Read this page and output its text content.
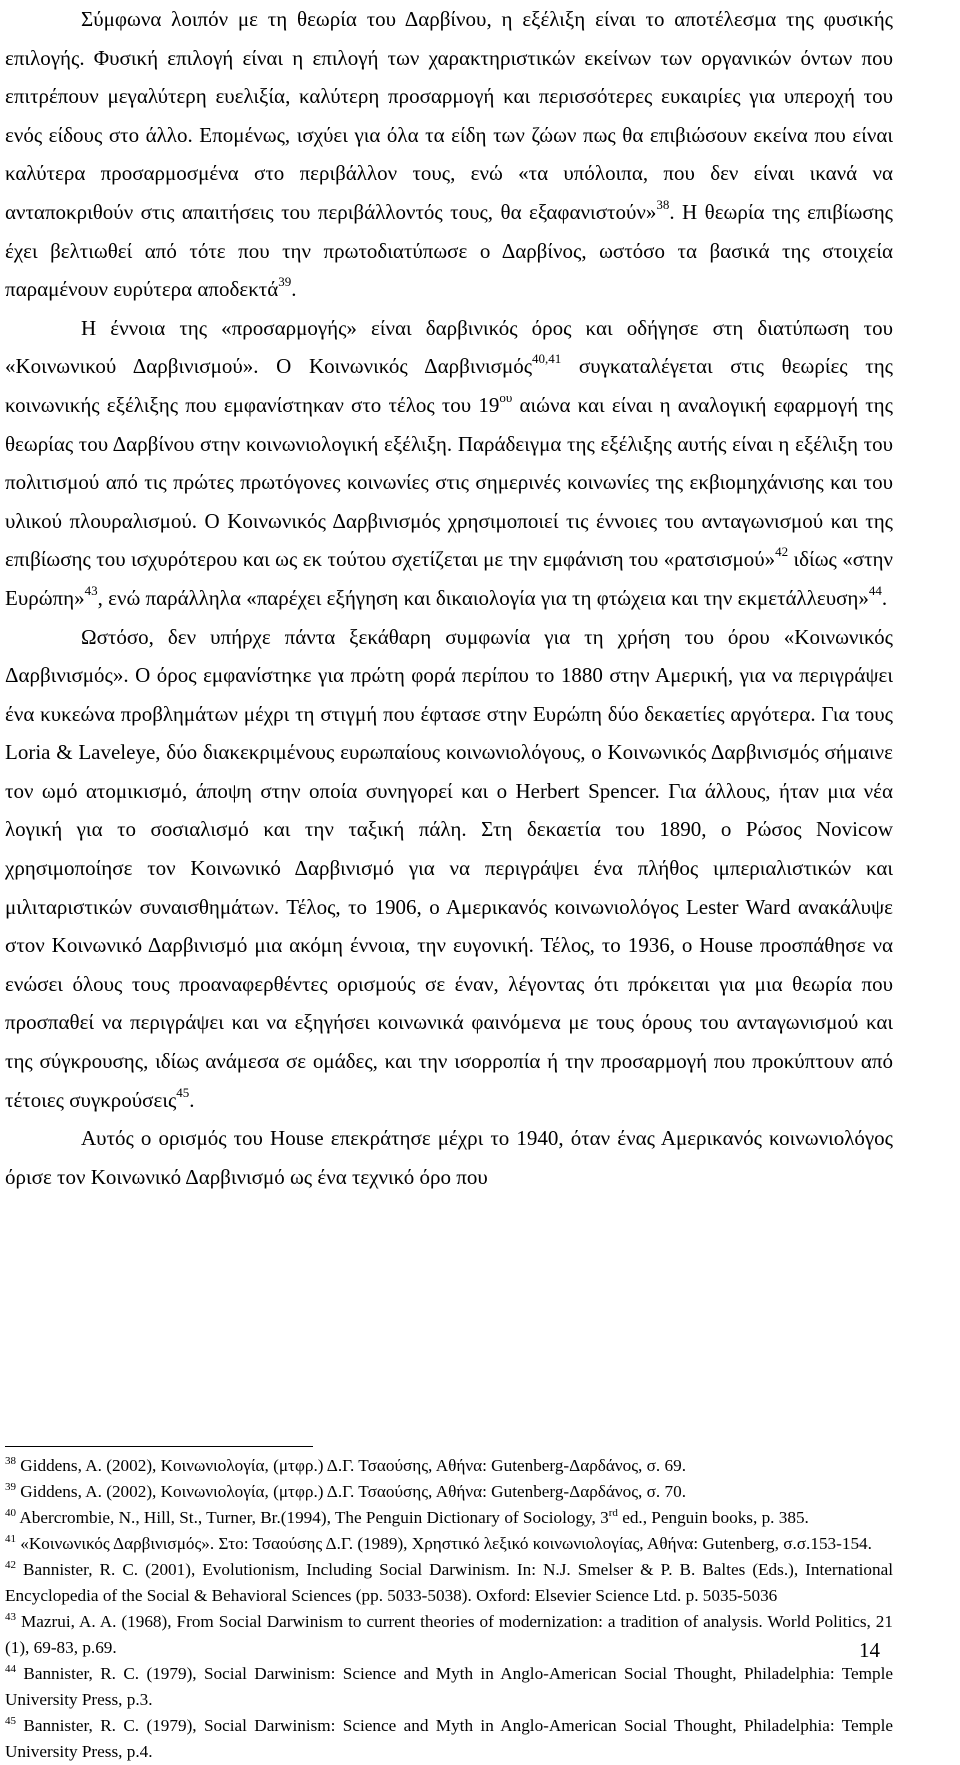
Σύμφωνα λοιπόν με τη θεωρία του Δαρβίνου, η εξέλιξη είναι το αποτέλεσμα της φυσικής επιλογής. Φυσική επιλογή είναι η επιλογή των χαρακτηριστικών εκείνων των οργανικών όντων που επιτρέπουν μεγαλύτερη ευελιξία, καλύτερη προσαρμογή και περισσότερες ευκαιρίες για υπεροχή του ενός είδους στο άλλο. Επομένως, ισχύει για όλα τα είδη των ζώων πως θα επιβιώσουν εκείνα που είναι καλύτερα προσαρμοσμένα στο περιβάλλον τους, ενώ «τα υπόλοιπα, που δεν είναι ικανά να ανταποκριθούν στις απαιτήσεις του περιβάλλοντός τους, θα εξαφανιστούν»$^{38}$. Η θεωρία της επιβίωσης έχει βελτιωθεί από τότε που την πρωτοδιατύπωσε ο Δαρβίνος, ωστόσο τα βασικά της στοιχεία παραμένουν ευρύτερα αποδεκτά$^{39}$.

Η έννοια της «προσαρμογής» είναι δαρβινικός όρος και οδήγησε στη διατύπωση του «Κοινωνικού Δαρβινισμού». Ο Κοινωνικός Δαρβινισμός$^{40,41}$ συγκαταλέγεται στις θεωρίες της κοινωνικής εξέλιξης που εμφανίστηκαν στο τέλος του $19^{o\upsilon}$ αιώνα και είναι η αναλογική εφαρμογή της θεωρίας του Δαρβίνου στην κοινωνιολογική εξέλιξη. Παράδειγμα της εξέλιξης αυτής είναι η εξέλιξη του πολιτισμού από τις πρώτες πρωτόγονες κοινωνίες στις σημερινές κοινωνίες της εκβιομηχάνισης και του υλικού πλουραλισμού. Ο Κοινωνικός Δαρβινισμός χρησιμοποιεί τις έννοιες του ανταγωνισμού και της επιβίωσης του ισχυρότερου και ως εκ τούτου σχετίζεται με την εμφάνιση του «ρατσισμού»$^{42}$ ιδίως «στην Ευρώπη»$^{43}$, ενώ παράλληλα «παρέχει εξήγηση και δικαιολογία για τη φτώχεια και την εκμετάλλευση»$^{44}$.

Ωστόσο, δεν υπήρχε πάντα ξεκάθαρη συμφωνία για τη χρήση του όρου «Κοινωνικός Δαρβινισμός». Ο όρος εμφανίστηκε για πρώτη φορά περίπου το 1880 στην Αμερική, για να περιγράψει ένα κυκεώνα προβλημάτων μέχρι τη στιγμή που έφτασε στην Ευρώπη δύο δεκαετίες αργότερα. Για τους Loria & Laveleye, δύο διακεκριμένους ευρωπαίους κοινωνιολόγους, ο Κοινωνικός Δαρβινισμός σήμαινε τον ωμό ατομικισμό, άποψη στην οποία συνηγορεί και ο Herbert Spencer. Για άλλους, ήταν μια νέα λογική για το σοσιαλισμό και την ταξική πάλη. Στη δεκαετία του 1890, ο Ρώσος Novicow χρησιμοποίησε τον Κοινωνικό Δαρβινισμό για να περιγράψει ένα πλήθος ιμπεριαλιστικών και μιλιταριστικών συναισθημάτων. Τέλος, το 1906, ο Αμερικανός κοινωνιολόγος Lester Ward ανακάλυψε στον Κοινωνικό Δαρβινισμό μια ακόμη έννοια, την ευγονική. Τέλος, το 1936, ο House προσπάθησε να ενώσει όλους τους προαναφερθέντες ορισμούς σε έναν, λέγοντας ότι πρόκειται για μια θεωρία που προσπαθεί να περιγράψει και να εξηγήσει κοινωνικά φαινόμενα με τους όρους του ανταγωνισμού και της σύγκρουσης, ιδίως ανάμεσα σε ομάδες, και την ισορροπία ή την προσαρμογή που προκύπτουν από τέτοιες συγκρούσεις$^{45}$.

Αυτός ο ορισμός του House επεκράτησε μέχρι το 1940, όταν ένας Αμερικανός κοινωνιολόγος όρισε τον Κοινωνικό Δαρβινισμό ως ένα τεχνικό όρο που

$^{38}$ Giddens, A. (2002), Κοινωνιολογία, (μτφρ.) Δ.Γ. Τσαούσης, Αθήνα: Gutenberg-Δαρδάνος, σ. 69.

$^{39}$ Giddens, A. (2002), Κοινωνιολογία, (μτφρ.) Δ.Γ. Τσαούσης, Αθήνα: Gutenberg-Δαρδάνος, σ. 70.

$^{40}$ Abercrombie, N., Hill, St., Turner, Br.(1994), The Penguin Dictionary of Sociology, 3rd ed., Penguin books, p. 385.

$^{41}$ «Κοινωνικός Δαρβινισμός». Στο: Τσαούσης Δ.Γ. (1989), Χρηστικό λεξικό κοινωνιολογίας, Αθήνα: Gutenberg, σ.σ.153-154.

$^{42}$ Bannister, R. C. (2001), Evolutionism, Including Social Darwinism. In: N.J. Smelser & P. B. Baltes (Eds.), International Encyclopedia of the Social & Behavioral Sciences (pp. 5033-5038). Oxford: Elsevier Science Ltd. p. 5035-5036

$^{43}$ Mazrui, A. A. (1968), From Social Darwinism to current theories of modernization: a tradition of analysis. World Politics, 21 (1), 69-83, p.69.

$^{44}$ Bannister, R. C. (1979), Social Darwinism: Science and Myth in Anglo-American Social Thought, Philadelphia: Temple University Press, p.3.

$^{45}$ Bannister, R. C. (1979), Social Darwinism: Science and Myth in Anglo-American Social Thought, Philadelphia: Temple University Press, p.4.

14
